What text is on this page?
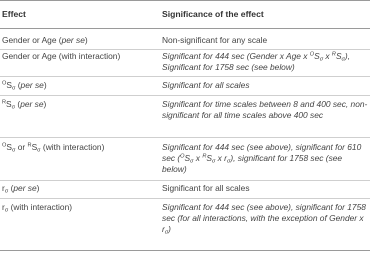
Effect	Significance of the effect
Gender or Age (per se)	Non-significant for any scale
Gender or Age (with interaction)	Significant for 444 sec (Gender x Age x $^OS_\sigma$ x $^RS_\sigma$), Significant for 1758 sec (see below)
$^OS_\sigma$ (per se)	Significant for all scales
$^RS_\sigma$ (per se)	Significant for time scales between 8 and 400 sec, non-significant for all time scales above 400 sec
$^OS_\sigma$ or $^RS_\sigma$ (with interaction)	Significant for 444 sec (see above), significant for 610 $\sec (^OS_\sigma$ x $^RS_\sigma$ x $r_\sigma$), significant for 1758 sec (see below)
$r_\sigma$ (per se)	Significant for all scales
$r_\sigma$ (with interaction)	Significant for 444 sec (see above), significant for 1758 sec (for all interactions, with the exception of Gender x $r_\sigma$)
